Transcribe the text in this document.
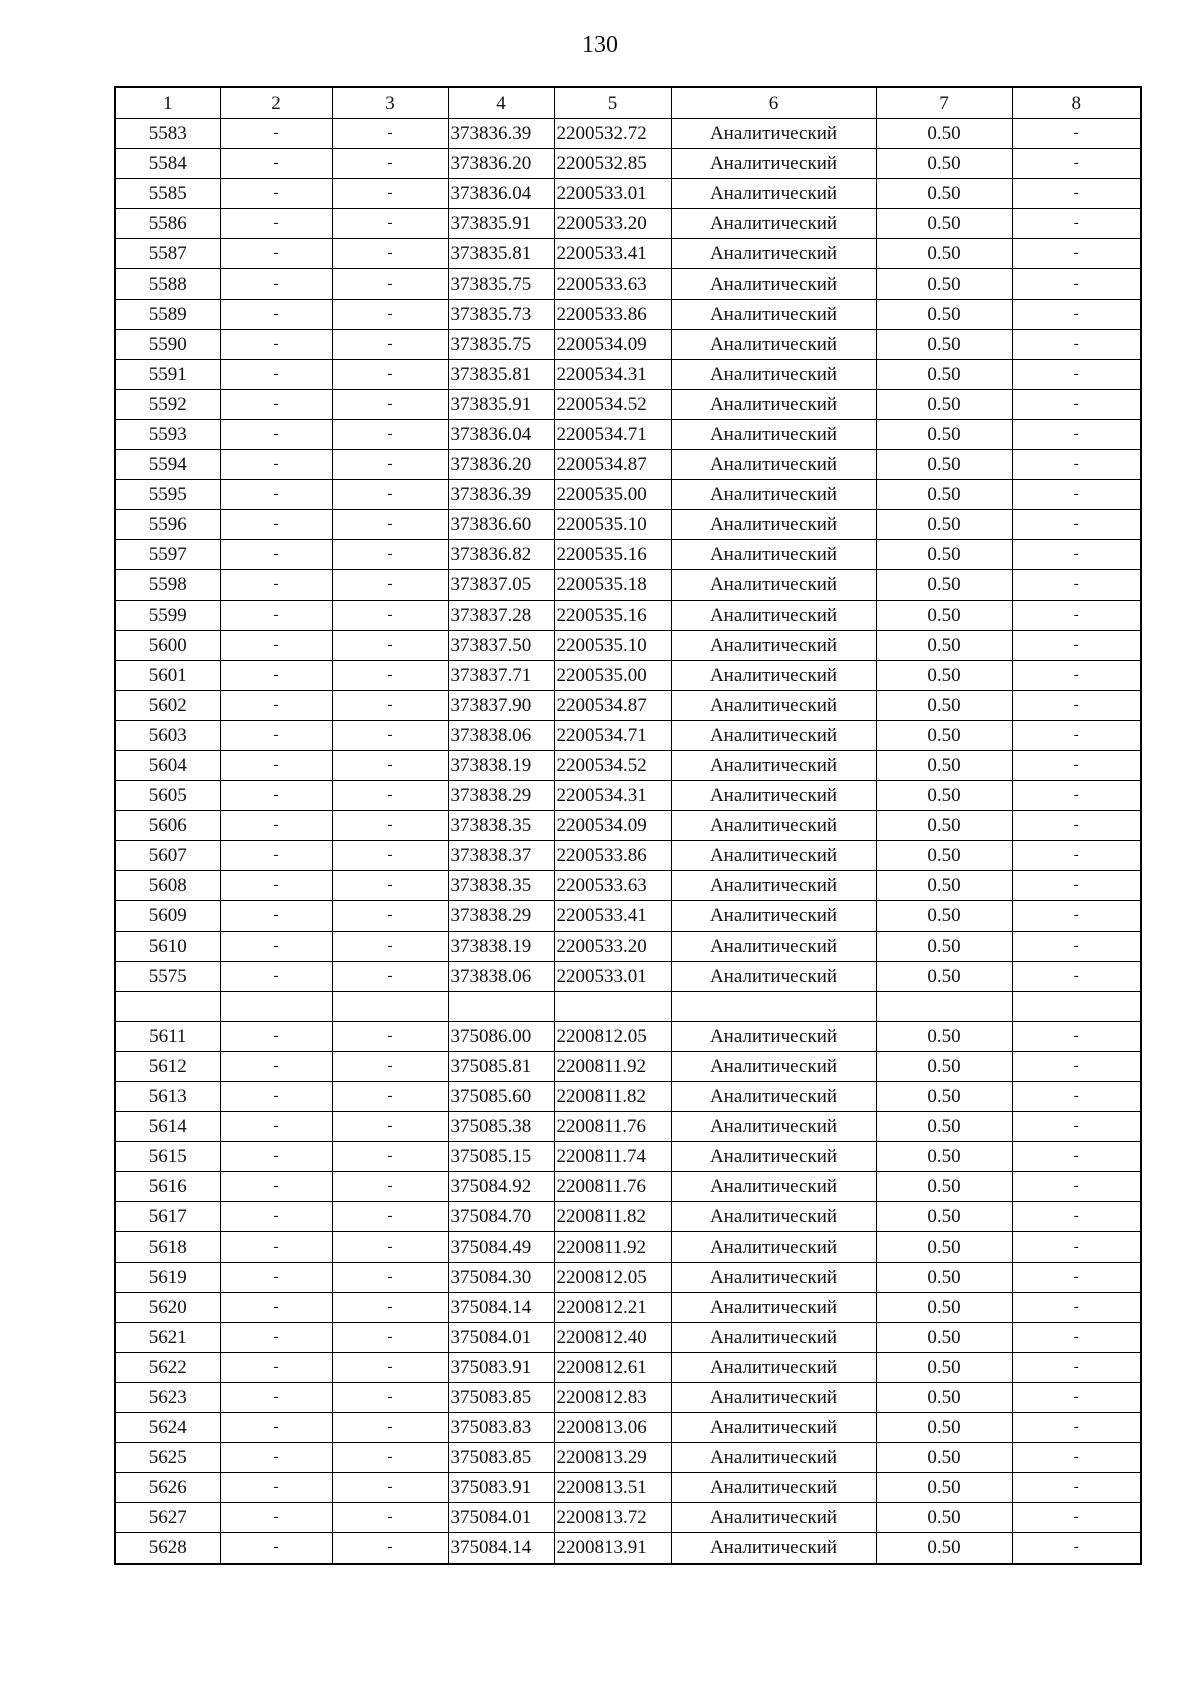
130
1	2	3	4	5	6	7	8
5583	-	-	373836.39	2200532.72	Аналитический	0.50	-
5584	-	-	373836.20	2200532.85	Аналитический	0.50	-
5585	-	-	373836.04	2200533.01	Аналитический	0.50	-
5586	-	-	373835.91	2200533.20	Аналитический	0.50	-
5587	-	-	373835.81	2200533.41	Аналитический	0.50	-
5588	-	-	373835.75	2200533.63	Аналитический	0.50	-
5589	-	-	373835.73	2200533.86	Аналитический	0.50	-
5590	-	-	373835.75	2200534.09	Аналитический	0.50	-
5591	-	-	373835.81	2200534.31	Аналитический	0.50	-
5592	-	-	373835.91	2200534.52	Аналитический	0.50	-
5593	-	-	373836.04	2200534.71	Аналитический	0.50	-
5594	-	-	373836.20	2200534.87	Аналитический	0.50	-
5595	-	-	373836.39	2200535.00	Аналитический	0.50	-
5596	-	-	373836.60	2200535.10	Аналитический	0.50	-
5597	-	-	373836.82	2200535.16	Аналитический	0.50	-
5598	-	-	373837.05	2200535.18	Аналитический	0.50	-
5599	-	-	373837.28	2200535.16	Аналитический	0.50	-
5600	-	-	373837.50	2200535.10	Аналитический	0.50	-
5601	-	-	373837.71	2200535.00	Аналитический	0.50	-
5602	-	-	373837.90	2200534.87	Аналитический	0.50	-
5603	-	-	373838.06	2200534.71	Аналитический	0.50	-
5604	-	-	373838.19	2200534.52	Аналитический	0.50	-
5605	-	-	373838.29	2200534.31	Аналитический	0.50	-
5606	-	-	373838.35	2200534.09	Аналитический	0.50	-
5607	-	-	373838.37	2200533.86	Аналитический	0.50	-
5608	-	-	373838.35	2200533.63	Аналитический	0.50	-
5609	-	-	373838.29	2200533.41	Аналитический	0.50	-
5610	-	-	373838.19	2200533.20	Аналитический	0.50	-
5575	-	-	373838.06	2200533.01	Аналитический	0.50	-

5611	-	-	375086.00	2200812.05	Аналитический	0.50	-
5612	-	-	375085.81	2200811.92	Аналитический	0.50	-
5613	-	-	375085.60	2200811.82	Аналитический	0.50	-
5614	-	-	375085.38	2200811.76	Аналитический	0.50	-
5615	-	-	375085.15	2200811.74	Аналитический	0.50	-
5616	-	-	375084.92	2200811.76	Аналитический	0.50	-
5617	-	-	375084.70	2200811.82	Аналитический	0.50	-
5618	-	-	375084.49	2200811.92	Аналитический	0.50	-
5619	-	-	375084.30	2200812.05	Аналитический	0.50	-
5620	-	-	375084.14	2200812.21	Аналитический	0.50	-
5621	-	-	375084.01	2200812.40	Аналитический	0.50	-
5622	-	-	375083.91	2200812.61	Аналитический	0.50	-
5623	-	-	375083.85	2200812.83	Аналитический	0.50	-
5624	-	-	375083.83	2200813.06	Аналитический	0.50	-
5625	-	-	375083.85	2200813.29	Аналитический	0.50	-
5626	-	-	375083.91	2200813.51	Аналитический	0.50	-
5627	-	-	375084.01	2200813.72	Аналитический	0.50	-
5628	-	-	375084.14	2200813.91	Аналитический	0.50	-
